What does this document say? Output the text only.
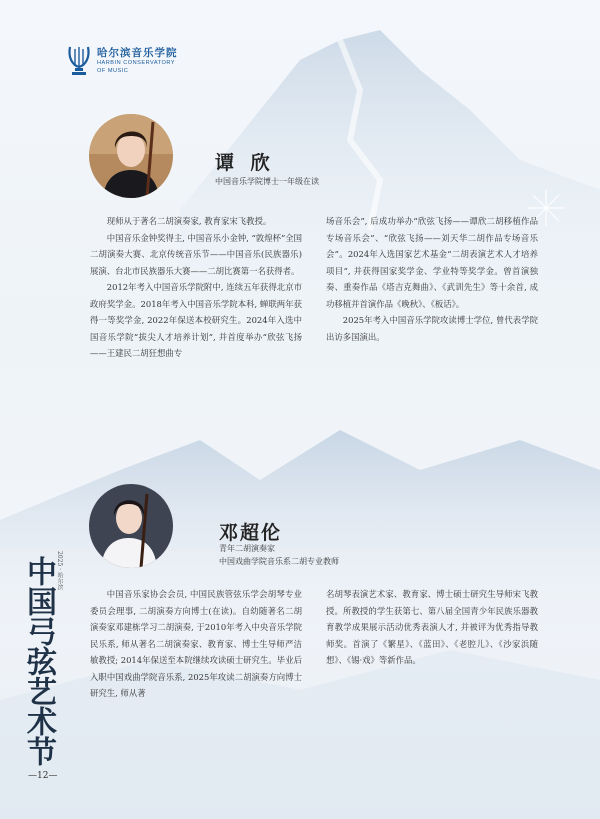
哈尔滨音乐学院
HARBIN CONSERVATORY
OF MUSIC
谭 欣
中国音乐学院博士一年级在读

现师从于著名二胡演奏家, 教育家宋飞教授。

中国音乐金钟奖得主, 中国音乐小金钟, “敦煌杯”全国二胡演奏大赛、北京传统音乐节——中国音乐(民族器乐)展演、台北市民族器乐大赛——二胡比赛第一名获得者。

2012年考入中国音乐学院附中, 连续五年获得北京市政府奖学金。2018年考入中国音乐学院本科, 蝉联两年获得一等奖学金, 2022年保送本校研究生。2024年入选中国音乐学院“拔尖人才培养计划”, 并首度举办“欣弦飞扬——王建民二胡狂想曲专

场音乐会”, 后成功举办“欣弦飞扬——谭欣二胡移植作品专场音乐会”、“欣弦飞扬——刘天华二胡作品专场音乐会”。2024年入选国家艺术基金“二胡表演艺术人才培养项目”, 并获得国家奖学金、学业特等奖学金。曾首演独奏、重奏作品《塔吉克舞曲》、《武训先生》等十余首, 成功移植并首演作品《晚秋》、《板话》。

2025年考入中国音乐学院攻读博士学位, 曾代表学院出访多国演出。

邓超伦
青年二胡演奏家
中国戏曲学院音乐系二胡专业教师

中国音乐家协会会员, 中国民族管弦乐学会胡琴专业委员会理事, 二胡演奏方向博士(在读)。自幼随著名二胡演奏家邓建栋学习二胡演奏, 于2010年考入中央音乐学院民乐系, 师从著名二胡演奏家、教育家、博士生导师严洁敏教授; 2014年保送至本院继续攻读硕士研究生。毕业后入职中国戏曲学院音乐系, 2025年攻读二胡演奏方向博士研究生, 师从著

名胡琴表演艺术家、教育家、博士硕士研究生导师宋飞教授。所教授的学生获第七、第八届全国青少年民族乐器教育教学成果展示活动优秀表演人才, 并被评为优秀指导教师奖。首演了《繁星》、《蓝田》、《老腔儿》、《沙家浜随想》、《锡·戏》等新作品。

2025 · 哈尔滨
中国弓弦艺术节
—12—
